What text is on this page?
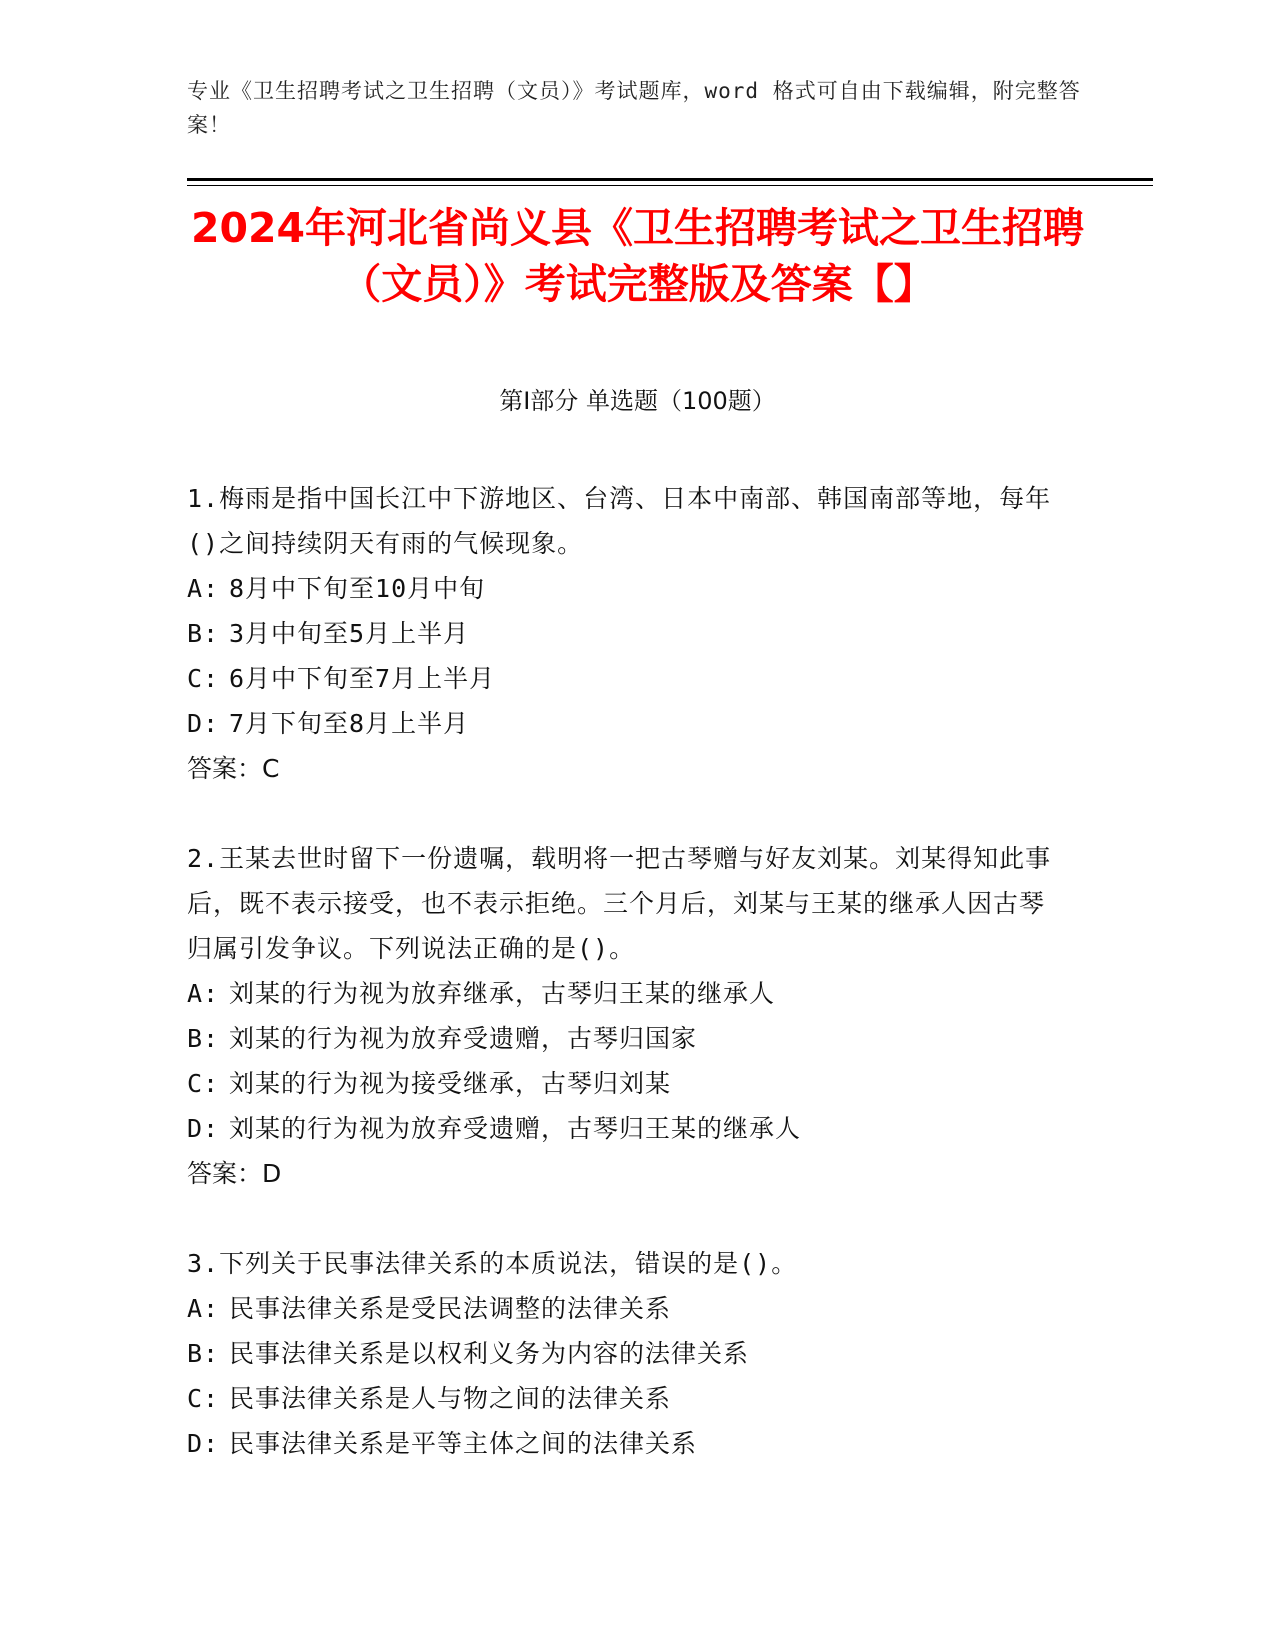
专业《卫生招聘考试之卫生招聘（文员）》考试题库，word 格式可自由下载编辑，附完整答案！
2024年河北省尚义县《卫生招聘考试之卫生招聘（文员）》考试完整版及答案【】
第Ⅰ部分 单选题（100题）
1.梅雨是指中国长江中下游地区、台湾、日本中南部、韩国南部等地，每年()之间持续阴天有雨的气候现象。
A: 8月中下旬至10月中旬
B: 3月中旬至5月上半月
C: 6月中下旬至7月上半月
D: 7月下旬至8月上半月
答案：C
2.王某去世时留下一份遗嘱，载明将一把古琴赠与好友刘某。刘某得知此事后，既不表示接受，也不表示拒绝。三个月后，刘某与王某的继承人因古琴归属引发争议。下列说法正确的是()。
A: 刘某的行为视为放弃继承，古琴归王某的继承人
B: 刘某的行为视为放弃受遗赠，古琴归国家
C: 刘某的行为视为接受继承，古琴归刘某
D: 刘某的行为视为放弃受遗赠，古琴归王某的继承人
答案：D
3.下列关于民事法律关系的本质说法，错误的是()。
A: 民事法律关系是受民法调整的法律关系
B: 民事法律关系是以权利义务为内容的法律关系
C: 民事法律关系是人与物之间的法律关系
D: 民事法律关系是平等主体之间的法律关系
